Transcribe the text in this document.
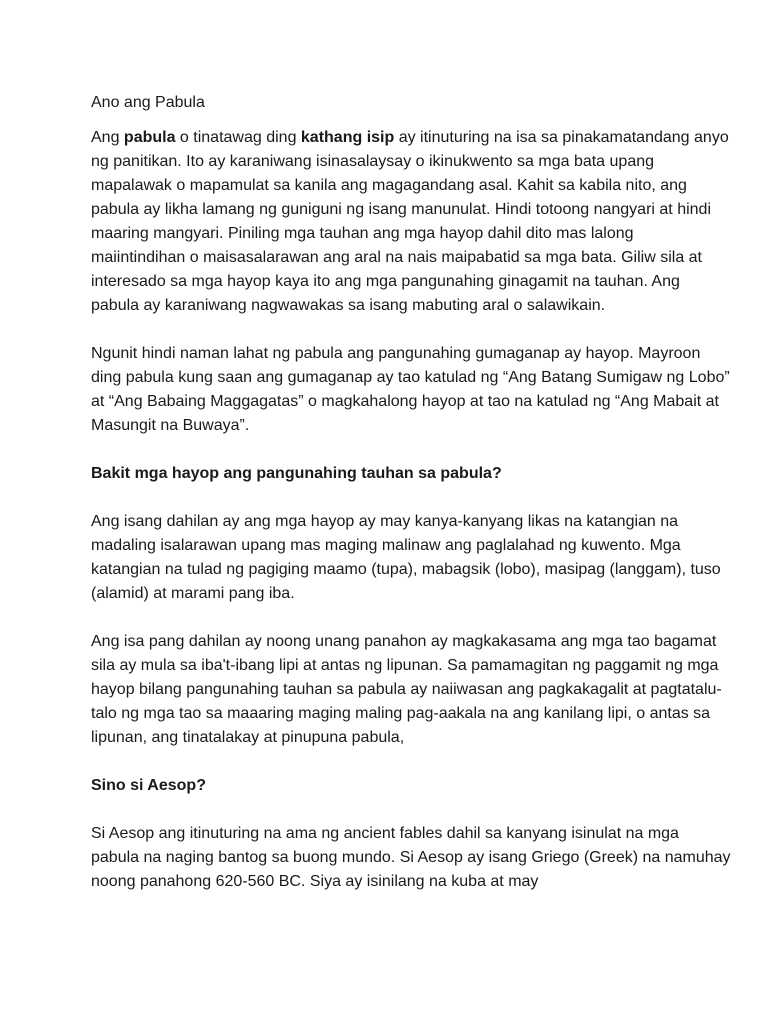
Ano ang Pabula

Ang pabula o tinatawag ding kathang isip ay itinuturing na isa sa pinakamatandang anyo ng panitikan. Ito ay karaniwang isinasalaysay o ikinukwento sa mga bata upang mapalawak o mapamulat sa kanila ang magagandang asal. Kahit sa kabila nito, ang pabula ay likha lamang ng guniguni ng isang manunulat. Hindi totoong nangyari at hindi maaring mangyari. Piniling mga tauhan ang mga hayop dahil dito mas lalong maiintindihan o maisasalarawan ang aral na nais maipabatid sa mga bata. Giliw sila at interesado sa mga hayop kaya ito ang mga pangunahing ginagamit na tauhan. Ang pabula ay karaniwang nagwawakas sa isang mabuting aral o salawikain.

Ngunit hindi naman lahat ng pabula ang pangunahing gumaganap ay hayop. Mayroon ding pabula kung saan ang gumaganap ay tao katulad ng “Ang Batang Sumigaw ng Lobo” at “Ang Babaing Maggagatas” o magkahalong hayop at tao na katulad ng “Ang Mabait at Masungit na Buwaya”.

Bakit mga hayop ang pangunahing tauhan sa pabula?

Ang isang dahilan ay ang mga hayop ay may kanya-kanyang likas na katangian na madaling isalarawan upang mas maging malinaw ang paglalahad ng kuwento. Mga katangian na tulad ng pagiging maamo (tupa), mabagsik (lobo), masipag (langgam), tuso (alamid) at marami pang iba.

Ang isa pang dahilan ay noong unang panahon ay magkakasama ang mga tao bagamat sila ay mula sa iba't-ibang lipi at antas ng lipunan. Sa pamamagitan ng paggamit ng mga hayop bilang pangunahing tauhan sa pabula ay naiiwasan ang pagkakagalit at pagtatalu-talo ng mga tao sa maaaring maging maling pag-aakala na ang kanilang lipi, o antas sa lipunan, ang tinatalakay at pinupuna pabula,

Sino si Aesop?

Si Aesop ang itinuturing na ama ng ancient fables dahil sa kanyang isinulat na mga pabula na naging bantog sa buong mundo. Si Aesop ay isang Griego (Greek) na namuhay noong panahong 620-560 BC. Siya ay isinilang na kuba at may
